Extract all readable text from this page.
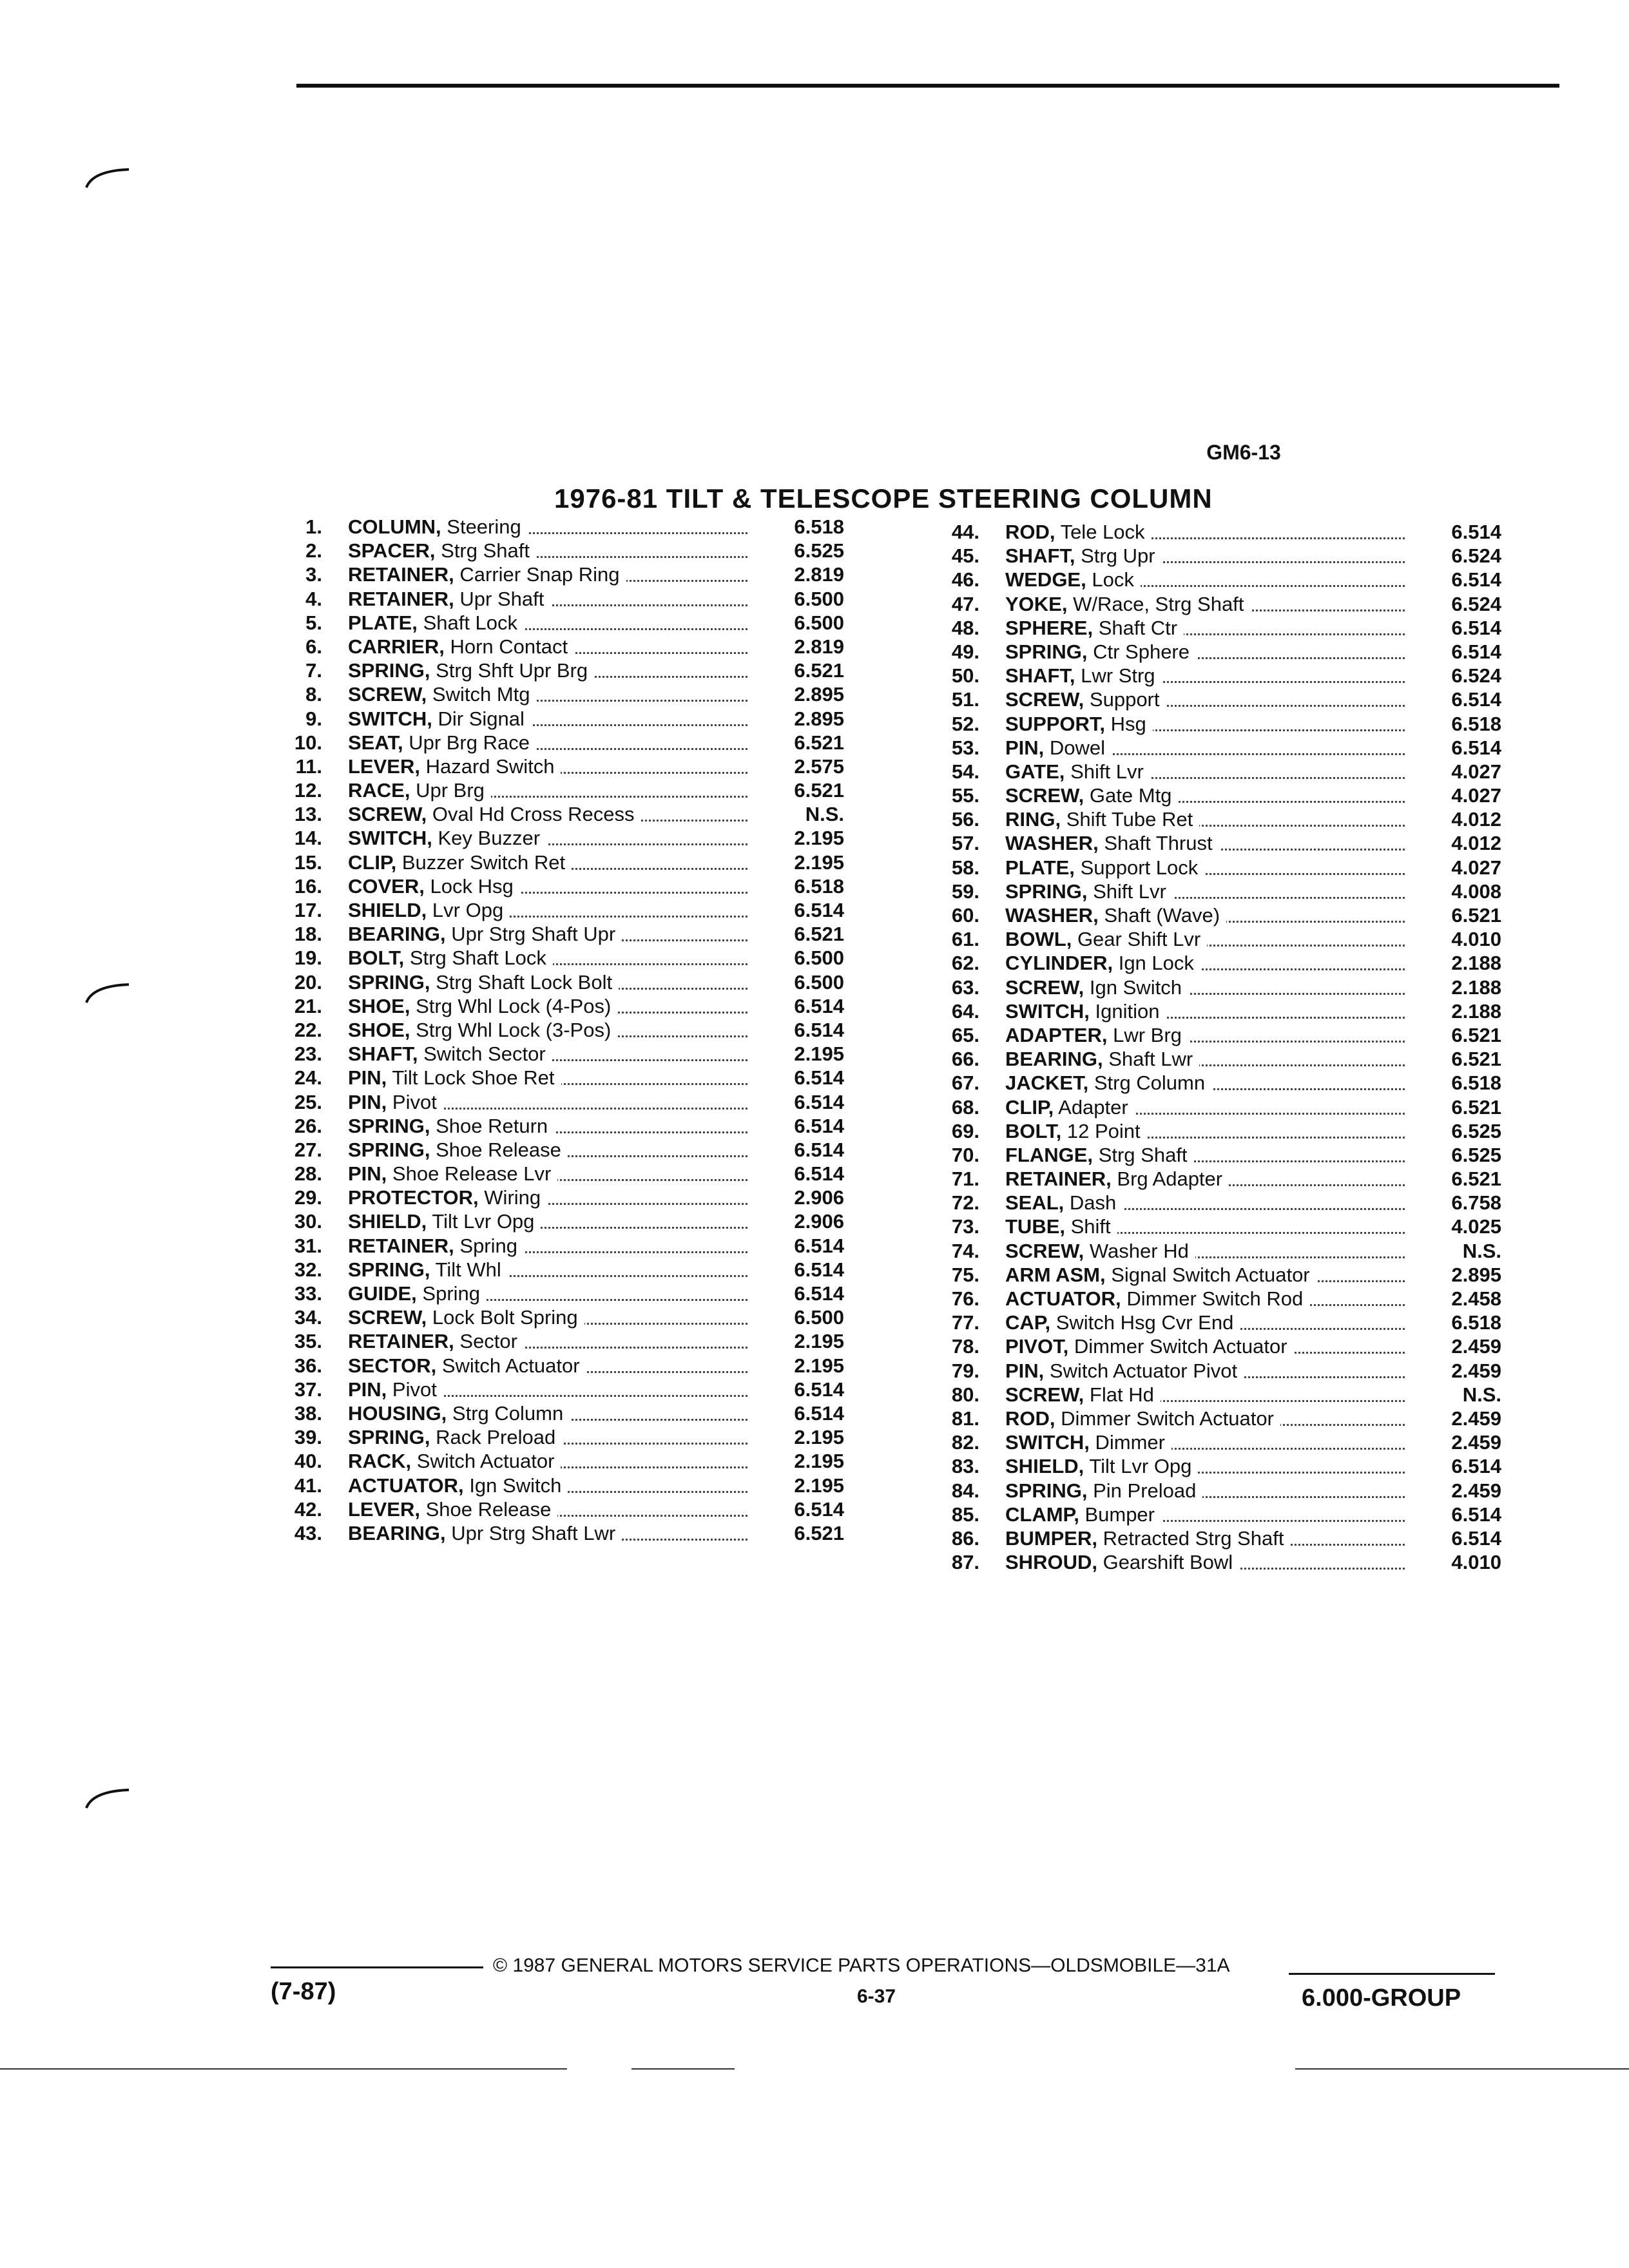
GM6-13
1976-81 TILT & TELESCOPE STEERING COLUMN
1. COLUMN, Steering	6.518
2. SPACER, Strg Shaft	6.525
3. RETAINER, Carrier Snap Ring	2.819
4. RETAINER, Upr Shaft	6.500
5. PLATE, Shaft Lock	6.500
6. CARRIER, Horn Contact	2.819
7. SPRING, Strg Shft Upr Brg	6.521
8. SCREW, Switch Mtg	2.895
9. SWITCH, Dir Signal	2.895
10. SEAT, Upr Brg Race	6.521
11. LEVER, Hazard Switch	2.575
12. RACE, Upr Brg	6.521
13. SCREW, Oval Hd Cross Recess	N.S.
14. SWITCH, Key Buzzer	2.195
15. CLIP, Buzzer Switch Ret	2.195
16. COVER, Lock Hsg	6.518
17. SHIELD, Lvr Opg	6.514
18. BEARING, Upr Strg Shaft Upr	6.521
19. BOLT, Strg Shaft Lock	6.500
20. SPRING, Strg Shaft Lock Bolt	6.500
21. SHOE, Strg Whl Lock (4-Pos)	6.514
22. SHOE, Strg Whl Lock (3-Pos)	6.514
23. SHAFT, Switch Sector	2.195
24. PIN, Tilt Lock Shoe Ret	6.514
25. PIN, Pivot	6.514
26. SPRING, Shoe Return	6.514
27. SPRING, Shoe Release	6.514
28. PIN, Shoe Release Lvr	6.514
29. PROTECTOR, Wiring	2.906
30. SHIELD, Tilt Lvr Opg	2.906
31. RETAINER, Spring	6.514
32. SPRING, Tilt Whl	6.514
33. GUIDE, Spring	6.514
34. SCREW, Lock Bolt Spring	6.500
35. RETAINER, Sector	2.195
36. SECTOR, Switch Actuator	2.195
37. PIN, Pivot	6.514
38. HOUSING, Strg Column	6.514
39. SPRING, Rack Preload	2.195
40. RACK, Switch Actuator	2.195
41. ACTUATOR, Ign Switch	2.195
42. LEVER, Shoe Release	6.514
43. BEARING, Upr Strg Shaft Lwr	6.521
44. ROD, Tele Lock	6.514
45. SHAFT, Strg Upr	6.524
46. WEDGE, Lock	6.514
47. YOKE, W/Race, Strg Shaft	6.524
48. SPHERE, Shaft Ctr	6.514
49. SPRING, Ctr Sphere	6.514
50. SHAFT, Lwr Strg	6.524
51. SCREW, Support	6.514
52. SUPPORT, Hsg	6.518
53. PIN, Dowel	6.514
54. GATE, Shift Lvr	4.027
55. SCREW, Gate Mtg	4.027
56. RING, Shift Tube Ret	4.012
57. WASHER, Shaft Thrust	4.012
58. PLATE, Support Lock	4.027
59. SPRING, Shift Lvr	4.008
60. WASHER, Shaft (Wave)	6.521
61. BOWL, Gear Shift Lvr	4.010
62. CYLINDER, Ign Lock	2.188
63. SCREW, Ign Switch	2.188
64. SWITCH, Ignition	2.188
65. ADAPTER, Lwr Brg	6.521
66. BEARING, Shaft Lwr	6.521
67. JACKET, Strg Column	6.518
68. CLIP, Adapter	6.521
69. BOLT, 12 Point	6.525
70. FLANGE, Strg Shaft	6.525
71. RETAINER, Brg Adapter	6.521
72. SEAL, Dash	6.758
73. TUBE, Shift	4.025
74. SCREW, Washer Hd	N.S.
75. ARM ASM, Signal Switch Actuator	2.895
76. ACTUATOR, Dimmer Switch Rod	2.458
77. CAP, Switch Hsg Cvr End	6.518
78. PIVOT, Dimmer Switch Actuator	2.459
79. PIN, Switch Actuator Pivot	2.459
80. SCREW, Flat Hd	N.S.
81. ROD, Dimmer Switch Actuator	2.459
82. SWITCH, Dimmer	2.459
83. SHIELD, Tilt Lvr Opg	6.514
84. SPRING, Pin Preload	2.459
85. CLAMP, Bumper	6.514
86. BUMPER, Retracted Strg Shaft	6.514
87. SHROUD, Gearshift Bowl	4.010
(7-87)
© 1987 GENERAL MOTORS SERVICE PARTS OPERATIONS—OLDSMOBILE—31A
6-37	6.000-GROUP
